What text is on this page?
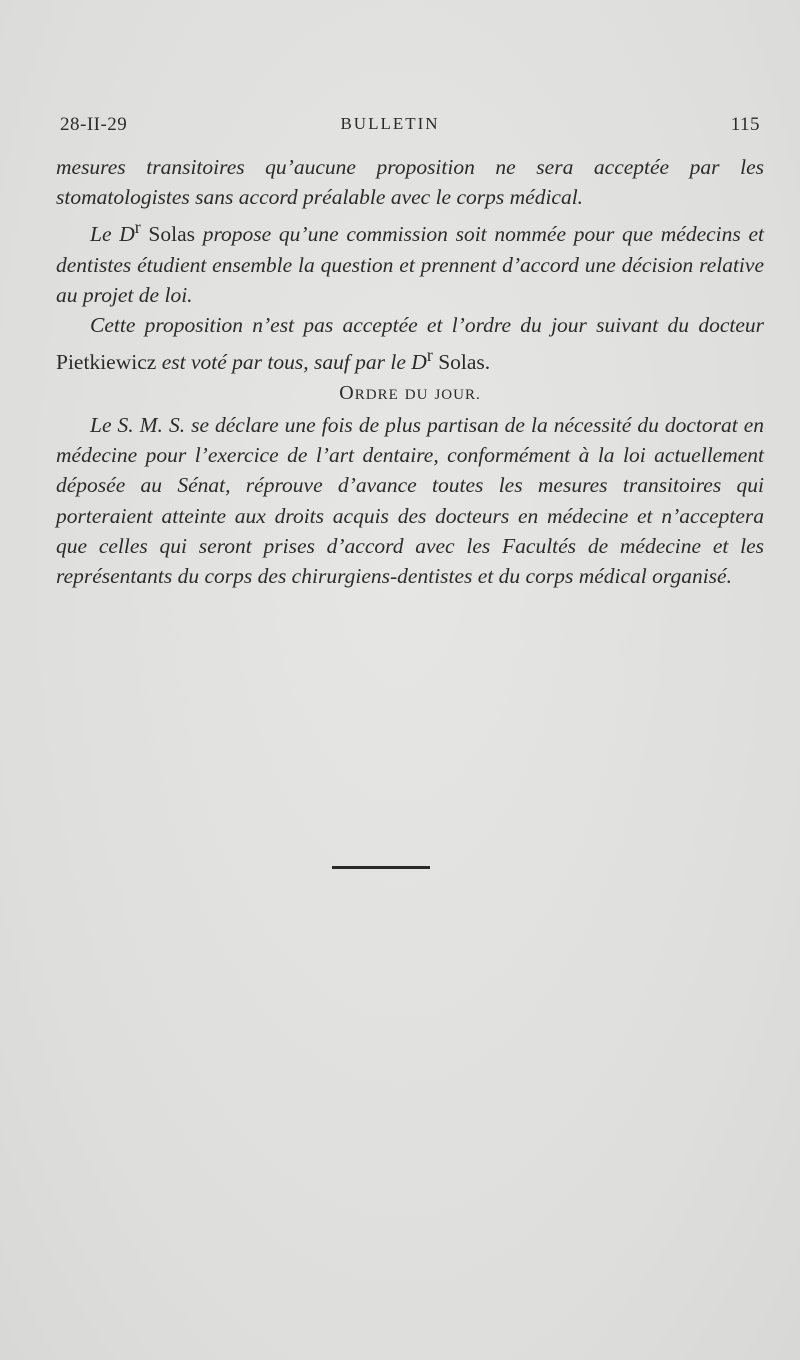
28-II-29	BULLETIN	115

mesures transitoires qu’aucune proposition ne sera acceptée par les stomatologistes sans accord préalable avec le corps médical.

Le $D^r$ Solas propose qu’une commission soit nommée pour que médecins et dentistes étudient ensemble la question et prennent d’accord une décision relative au projet de loi.

Cette proposition n’est pas acceptée et l’ordre du jour suivant du docteur Pietkiewicz est voté par tous, sauf par le $D^r$ Solas.

ORDRE DU JOUR.

Le S. M. S. se déclare une fois de plus partisan de la nécessité du doctorat en médecine pour l’exercice de l’art dentaire, conformément à la loi actuellement déposée au Sénat, réprouve d’avance toutes les mesures transitoires qui porteraient atteinte aux droits acquis des docteurs en médecine et n’acceptera que celles qui seront prises d’accord avec les Facultés de médecine et les représentants du corps des chirurgiens-dentistes et du corps médical organisé.
